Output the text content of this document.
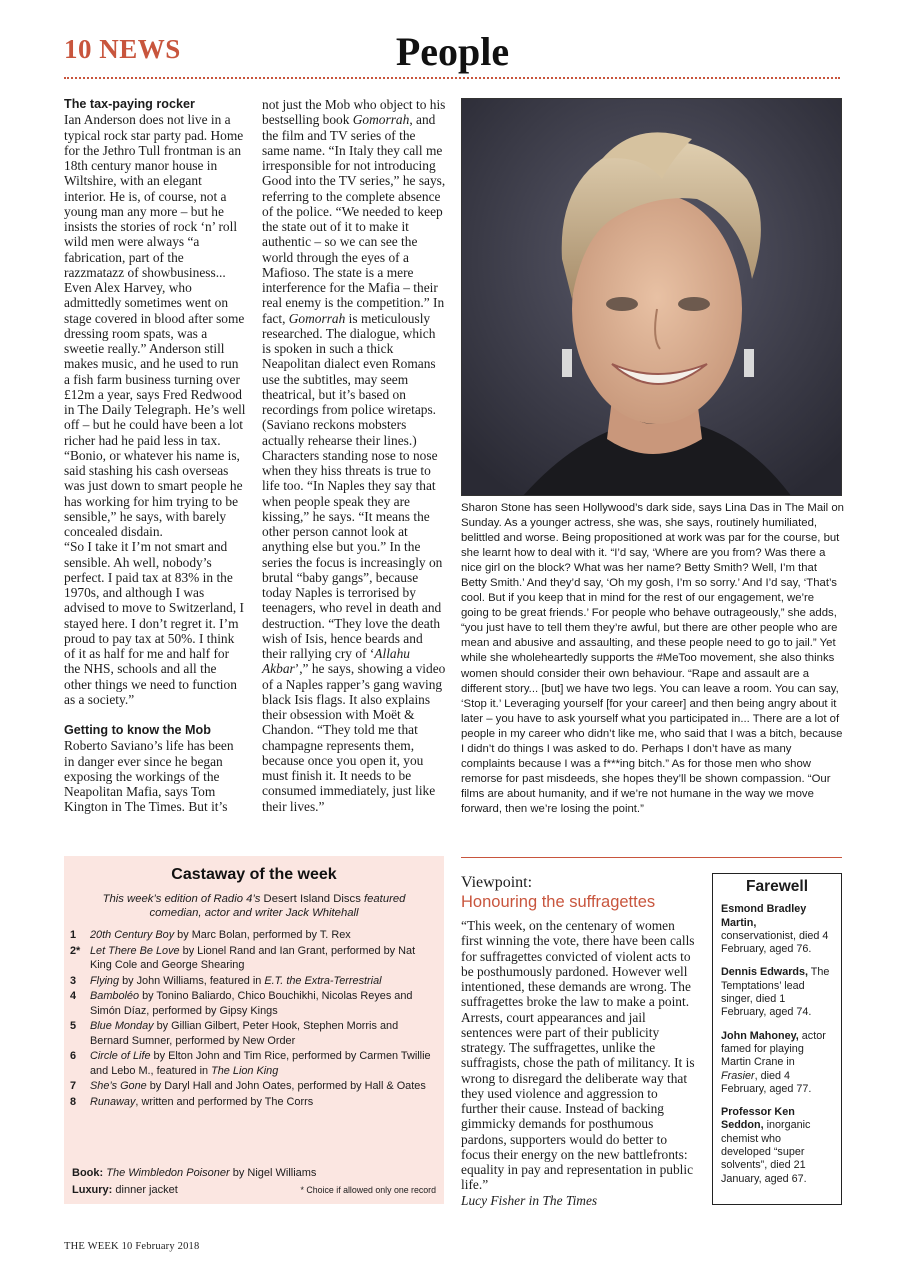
10 NEWS	People
The tax-paying rocker

Ian Anderson does not live in a typical rock star party pad. Home for the Jethro Tull frontman is an 18th century manor house in Wiltshire, with an elegant interior. He is, of course, not a young man any more – but he insists the stories of rock ‘n’ roll wild men were always “a fabrication, part of the razzmatazz of showbusiness... Even Alex Harvey, who admittedly sometimes went on stage covered in blood after some dressing room spats, was a sweetie really.” Anderson still makes music, and he used to run a fish farm business turning over £12m a year, says Fred Redwood in The Daily Telegraph. He’s well off – but he could have been a lot richer had he paid less in tax. “Bonio, or whatever his name is, said stashing his cash overseas was just down to smart people he has working for him trying to be sensible,” he says, with barely concealed disdain.

“So I take it I’m not smart and sensible. Ah well, nobody’s perfect. I paid tax at 83% in the 1970s, and although I was advised to move to Switzerland, I stayed here. I don’t regret it. I’m proud to pay tax at 50%. I think of it as half for me and half for the NHS, schools and all the other things we need to function as a society.”

Getting to know the Mob

Roberto Saviano’s life has been in danger ever since he began exposing the workings of the Neapolitan Mafia, says Tom Kington in The Times. But it’s

not just the Mob who object to his bestselling book Gomorrah, and the film and TV series of the same name. “In Italy they call me irresponsible for not introducing Good into the TV series,” he says, referring to the complete absence of the police. “We needed to keep the state out of it to make it authentic – so we can see the world through the eyes of a Mafioso. The state is a mere interference for the Mafia – their real enemy is the competition.” In fact, Gomorrah is meticulously researched. The dialogue, which is spoken in such a thick Neapolitan dialect even Romans use the subtitles, may seem theatrical, but it’s based on recordings from police wiretaps. (Saviano reckons mobsters actually rehearse their lines.) Characters standing nose to nose when they hiss threats is true to life too. “In Naples they say that when people speak they are kissing,” he says. “It means the other person cannot look at anything else but you.” In the series the focus is increasingly on brutal “baby gangs”, because today Naples is terrorised by teenagers, who revel in death and destruction. “They love the death wish of Isis, hence beards and their rallying cry of ‘Allahu Akbar’,” he says, showing a video of a Naples rapper’s gang waving black Isis flags. It also explains their obsession with Moët & Chandon. “They told me that champagne represents them, because once you open it, you must finish it. It needs to be consumed immediately, just like their lives.”

Sharon Stone has seen Hollywood’s dark side, says Lina Das in The Mail on Sunday. As a younger actress, she was, she says, routinely humiliated, belittled and worse. Being propositioned at work was par for the course, but she learnt how to deal with it. “I’d say, ‘Where are you from? Was there a nice girl on the block? What was her name? Betty Smith? Well, I’m that Betty Smith.’ And they’d say, ‘Oh my gosh, I’m so sorry.’ And I’d say, ‘That’s cool. But if you keep that in mind for the rest of our engagement, we’re going to be great friends.’ For people who behave outrageously,” she adds, “you just have to tell them they’re awful, but there are other people who are mean and abusive and assaulting, and these people need to go to jail.” Yet while she wholeheartedly supports the #MeToo movement, she also thinks women should consider their own behaviour. “Rape and assault are a different story... [but] we have two legs. You can leave a room. You can say, ‘Stop it.’ Leveraging yourself [for your career] and then being angry about it later – you have to ask yourself what you participated in... There are a lot of people in my career who didn’t like me, who said that I was a bitch, because I didn’t do things I was asked to do. Perhaps I don’t have as many complaints because I was a f***ing bitch.” As for those men who show remorse for past misdeeds, she hopes they’ll be shown compassion. “Our films are about humanity, and if we’re not humane in the way we move forward, then we’re losing the point.”
Castaway of the week
This week’s edition of Radio 4’s Desert Island Discs featured comedian, actor and writer Jack Whitehall
1 20th Century Boy by Marc Bolan, performed by T. Rex
2* Let There Be Love by Lionel Rand and Ian Grant, performed by Nat King Cole and George Shearing
3 Flying by John Williams, featured in E.T. the Extra-Terrestrial
4 Bamboléo by Tonino Baliardo, Chico Bouchikhi, Nicolas Reyes and Simón Díaz, performed by Gipsy Kings
5 Blue Monday by Gillian Gilbert, Peter Hook, Stephen Morris and Bernard Sumner, performed by New Order
6 Circle of Life by Elton John and Tim Rice, performed by Carmen Twillie and Lebo M., featured in The Lion King
7 She’s Gone by Daryl Hall and John Oates, performed by Hall & Oates
8 Runaway, written and performed by The Corrs
Book: The Wimbledon Poisoner by Nigel Williams
Luxury: dinner jacket	* Choice if allowed only one record
Viewpoint:
Honouring the suffragettes
“This week, on the centenary of women first winning the vote, there have been calls for suffragettes convicted of violent acts to be posthumously pardoned. However well intentioned, these demands are wrong. The suffragettes broke the law to make a point. Arrests, court appearances and jail sentences were part of their publicity strategy. The suffragettes, unlike the suffragists, chose the path of militancy. It is wrong to disregard the deliberate way that they used violence and aggression to further their cause. Instead of backing gimmicky demands for posthumous pardons, supporters would do better to focus their energy on the new battlefronts: equality in pay and representation in public life.”
Lucy Fisher in The Times
Farewell
Esmond Bradley Martin, conservationist, died 4 February, aged 76.
Dennis Edwards, The Temptations’ lead singer, died 1 February, aged 74.
John Mahoney, actor famed for playing Martin Crane in Frasier, died 4 February, aged 77.
Professor Ken Seddon, inorganic chemist who developed “super solvents”, died 21 January, aged 67.
THE WEEK 10 February 2018
